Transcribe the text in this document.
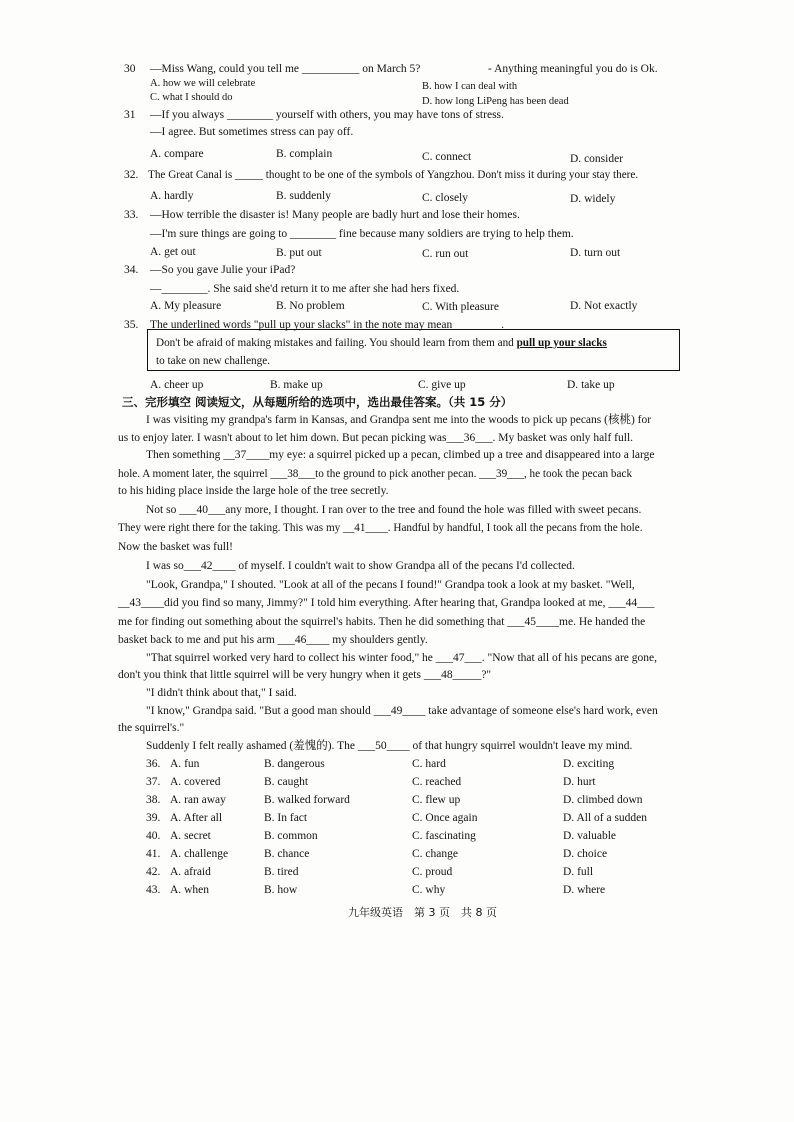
30 —Miss Wang, could you tell me __________ on March 5?	- Anything meaningful you do is Ok.
A. how we will celebrate	B. how I can deal with
C. what I should do	D. how long LiPeng has been dead
31 —If you always ________ yourself with others, you may have tons of stress.
—I agree. But sometimes stress can pay off.
A. compare	B. complain	C. connect	D. consider
32. The Great Canal is _____ thought to be one of the symbols of Yangzhou. Don't miss it during your stay there.
A. hardly	B. suddenly	C. closely	D. widely
33. —How terrible the disaster is! Many people are badly hurt and lose their homes.
—I'm sure things are going to ________ fine because many soldiers are trying to help them.
A. get out	B. put out	C. run out	D. turn out
34. —So you gave Julie your iPad?
—________. She said she'd return it to me after she had hers fixed.
A. My pleasure	B. No problem	C. With pleasure	D. Not exactly
35. The underlined words "pull up your slacks" in the note may mean ________.
Don't be afraid of making mistakes and failing. You should learn from them and pull up your slacks
to take on new challenge.
A. cheer up	B. make up	C. give up	D. take up
三、完形填空 阅读短文，从每题所给的选项中，选出最佳答案。（共 15 分）
I was visiting my grandpa's farm in Kansas, and Grandpa sent me into the woods to pick up pecans (核桃) for
us to enjoy later. I wasn't about to let him down. But pecan picking was___36___. My basket was only half full.
Then something __37____my eye: a squirrel picked up a pecan, climbed up a tree and disappeared into a large
hole. A moment later, the squirrel ___38___to the ground to pick another pecan. ___39___, he took the pecan back
to his hiding place inside the large hole of the tree secretly.
Not so ___40___any more, I thought. I ran over to the tree and found the hole was filled with sweet pecans.
They were right there for the taking. This was my __41____. Handful by handful, I took all the pecans from the hole.
Now the basket was full!
I was so___42____ of myself. I couldn't wait to show Grandpa all of the pecans I'd collected.
"Look, Grandpa," I shouted. "Look at all of the pecans I found!" Grandpa took a look at my basket. "Well,
__43____did you find so many, Jimmy?" I told him everything. After hearing that, Grandpa looked at me, ___44___
me for finding out something about the squirrel's habits. Then he did something that ___45____me. He handed the
basket back to me and put his arm ___46____ my shoulders gently.
"That squirrel worked very hard to collect his winter food," he ___47___. "Now that all of his pecans are gone,
don't you think that little squirrel will be very hungry when it gets ___48_____?"
"I didn't think about that," I said.
"I know," Grandpa said. "But a good man should ___49____ take advantage of someone else's hard work, even
the squirrel's."
Suddenly I felt really ashamed (羞愧的). The ___50____ of that hungry squirrel wouldn't leave my mind.
36. A. fun	B. dangerous	C. hard	D. exciting
37. A. covered	B. caught	C. reached	D. hurt
38. A. ran away	B. walked forward	C. flew up	D. climbed down
39. A. After all	B. In fact	C. Once again	D. All of a sudden
40. A. secret	B. common	C. fascinating	D. valuable
41. A. challenge	B. chance	C. change	D. choice
42. A. afraid	B. tired	C. proud	D. full
43. A. when	B. how	C. why	D. where
九年级英语　第 3 页　共 8 页
